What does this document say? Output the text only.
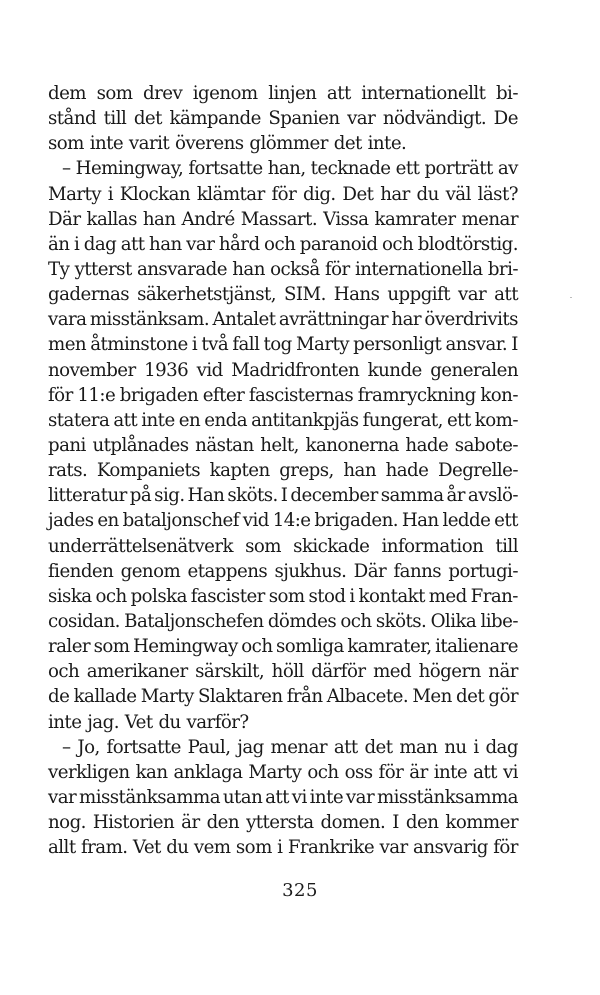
dem som drev igenom linjen att internationellt bi-
stånd till det kämpande Spanien var nödvändigt. De
som inte varit överens glömmer det inte.
– Hemingway, fortsatte han, tecknade ett porträtt av
Marty i Klockan klämtar för dig. Det har du väl läst?
Där kallas han André Massart. Vissa kamrater menar
än i dag att han var hård och paranoid och blodtörstig.
Ty ytterst ansvarade han också för internationella bri-
gadernas säkerhetstjänst, SIM. Hans uppgift var att
vara misstänksam. Antalet avrättningar har överdrivits
men åtminstone i två fall tog Marty personligt ansvar. I
november 1936 vid Madridfronten kunde generalen
för 11:e brigaden efter fascisternas framryckning kon-
statera att inte en enda antitankpjäs fungerat, ett kom-
pani utplånades nästan helt, kanonerna hade sabote-
rats. Kompaniets kapten greps, han hade Degrelle-
litteratur på sig. Han sköts. I december samma år avslö-
jades en bataljonschef vid 14:e brigaden. Han ledde ett
underrättelsenätverk som skickade information till
fienden genom etappens sjukhus. Där fanns portugi-
siska och polska fascister som stod i kontakt med Fran-
cosidan. Bataljonschefen dömdes och sköts. Olika libe-
raler som Hemingway och somliga kamrater, italienare
och amerikaner särskilt, höll därför med högern när
de kallade Marty Slaktaren från Albacete. Men det gör
inte jag. Vet du varför?
– Jo, fortsatte Paul, jag menar att det man nu i dag
verkligen kan anklaga Marty och oss för är inte att vi
var misstänksamma utan att vi inte var misstänksamma
nog. Historien är den yttersta domen. I den kommer
allt fram. Vet du vem som i Frankrike var ansvarig för
325
